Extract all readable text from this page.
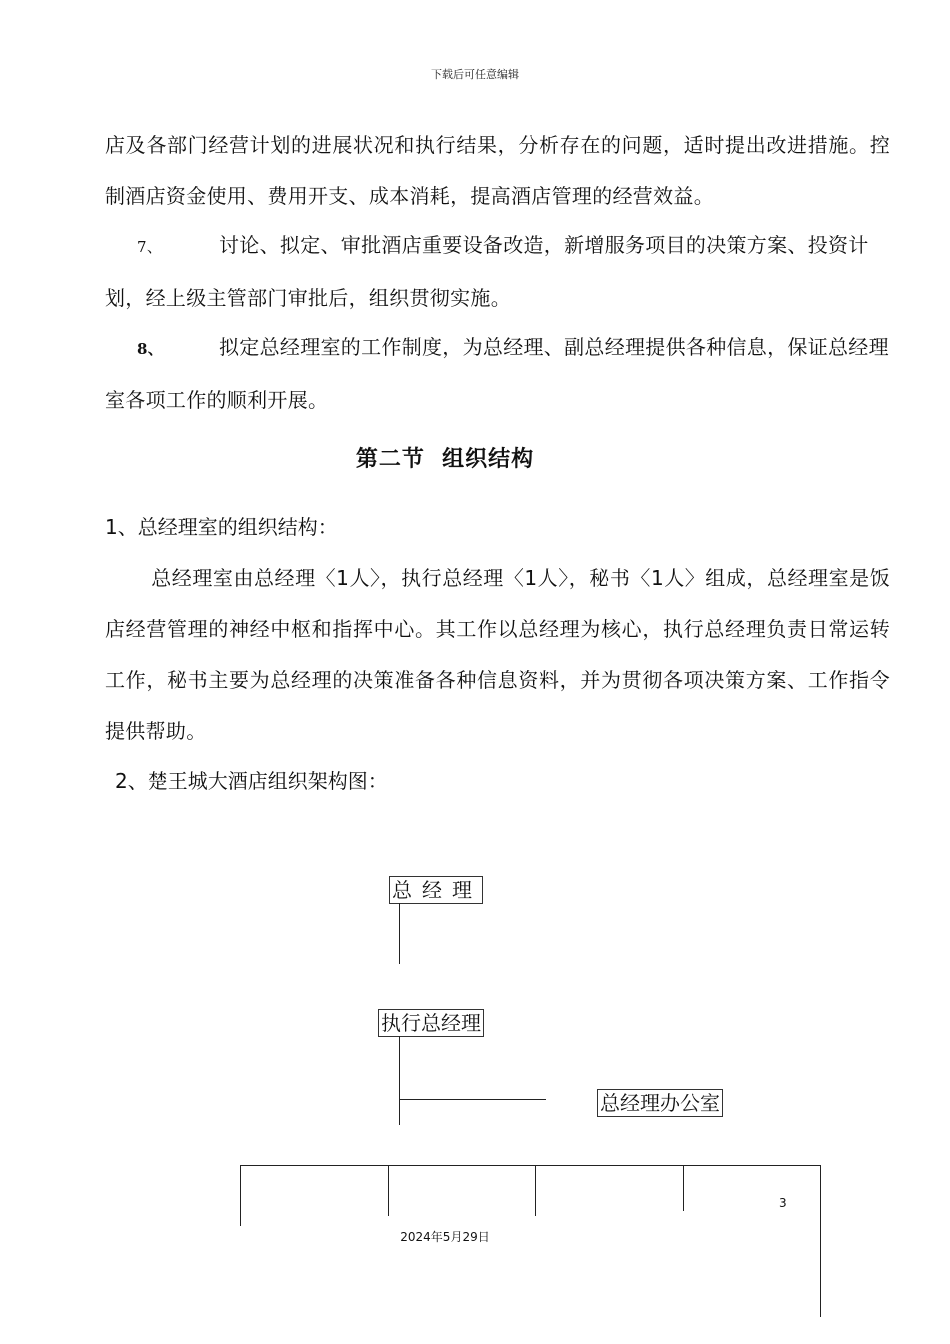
下载后可任意编辑
店及各部门经营计划的进展状况和执行结果，分析存在的问题，适时提出改进措施。控制酒店资金使用、费用开支、成本消耗，提高酒店管理的经营效益。
7、	讨论、拟定、审批酒店重要设备改造，新增服务项目的决策方案、投资计划，经上级主管部门审批后，组织贯彻实施。
8、	拟定总经理室的工作制度，为总经理、副总经理提供各种信息，保证总经理室各项工作的顺利开展。
第二节 组织结构
1、总经理室的组织结构：
总经理室由总经理〈1人〉，执行总经理〈1人〉，秘书〈1人〉组成，总经理室是饭店经营管理的神经中枢和指挥中心。其工作以总经理为核心，执行总经理负责日常运转工作，秘书主要为总经理的决策准备各种信息资料，并为贯彻各项决策方案、工作指令提供帮助。
2、楚王城大酒店组织架构图：
总经理
执行总经理
总经理办公室
3
2024年5月29日
